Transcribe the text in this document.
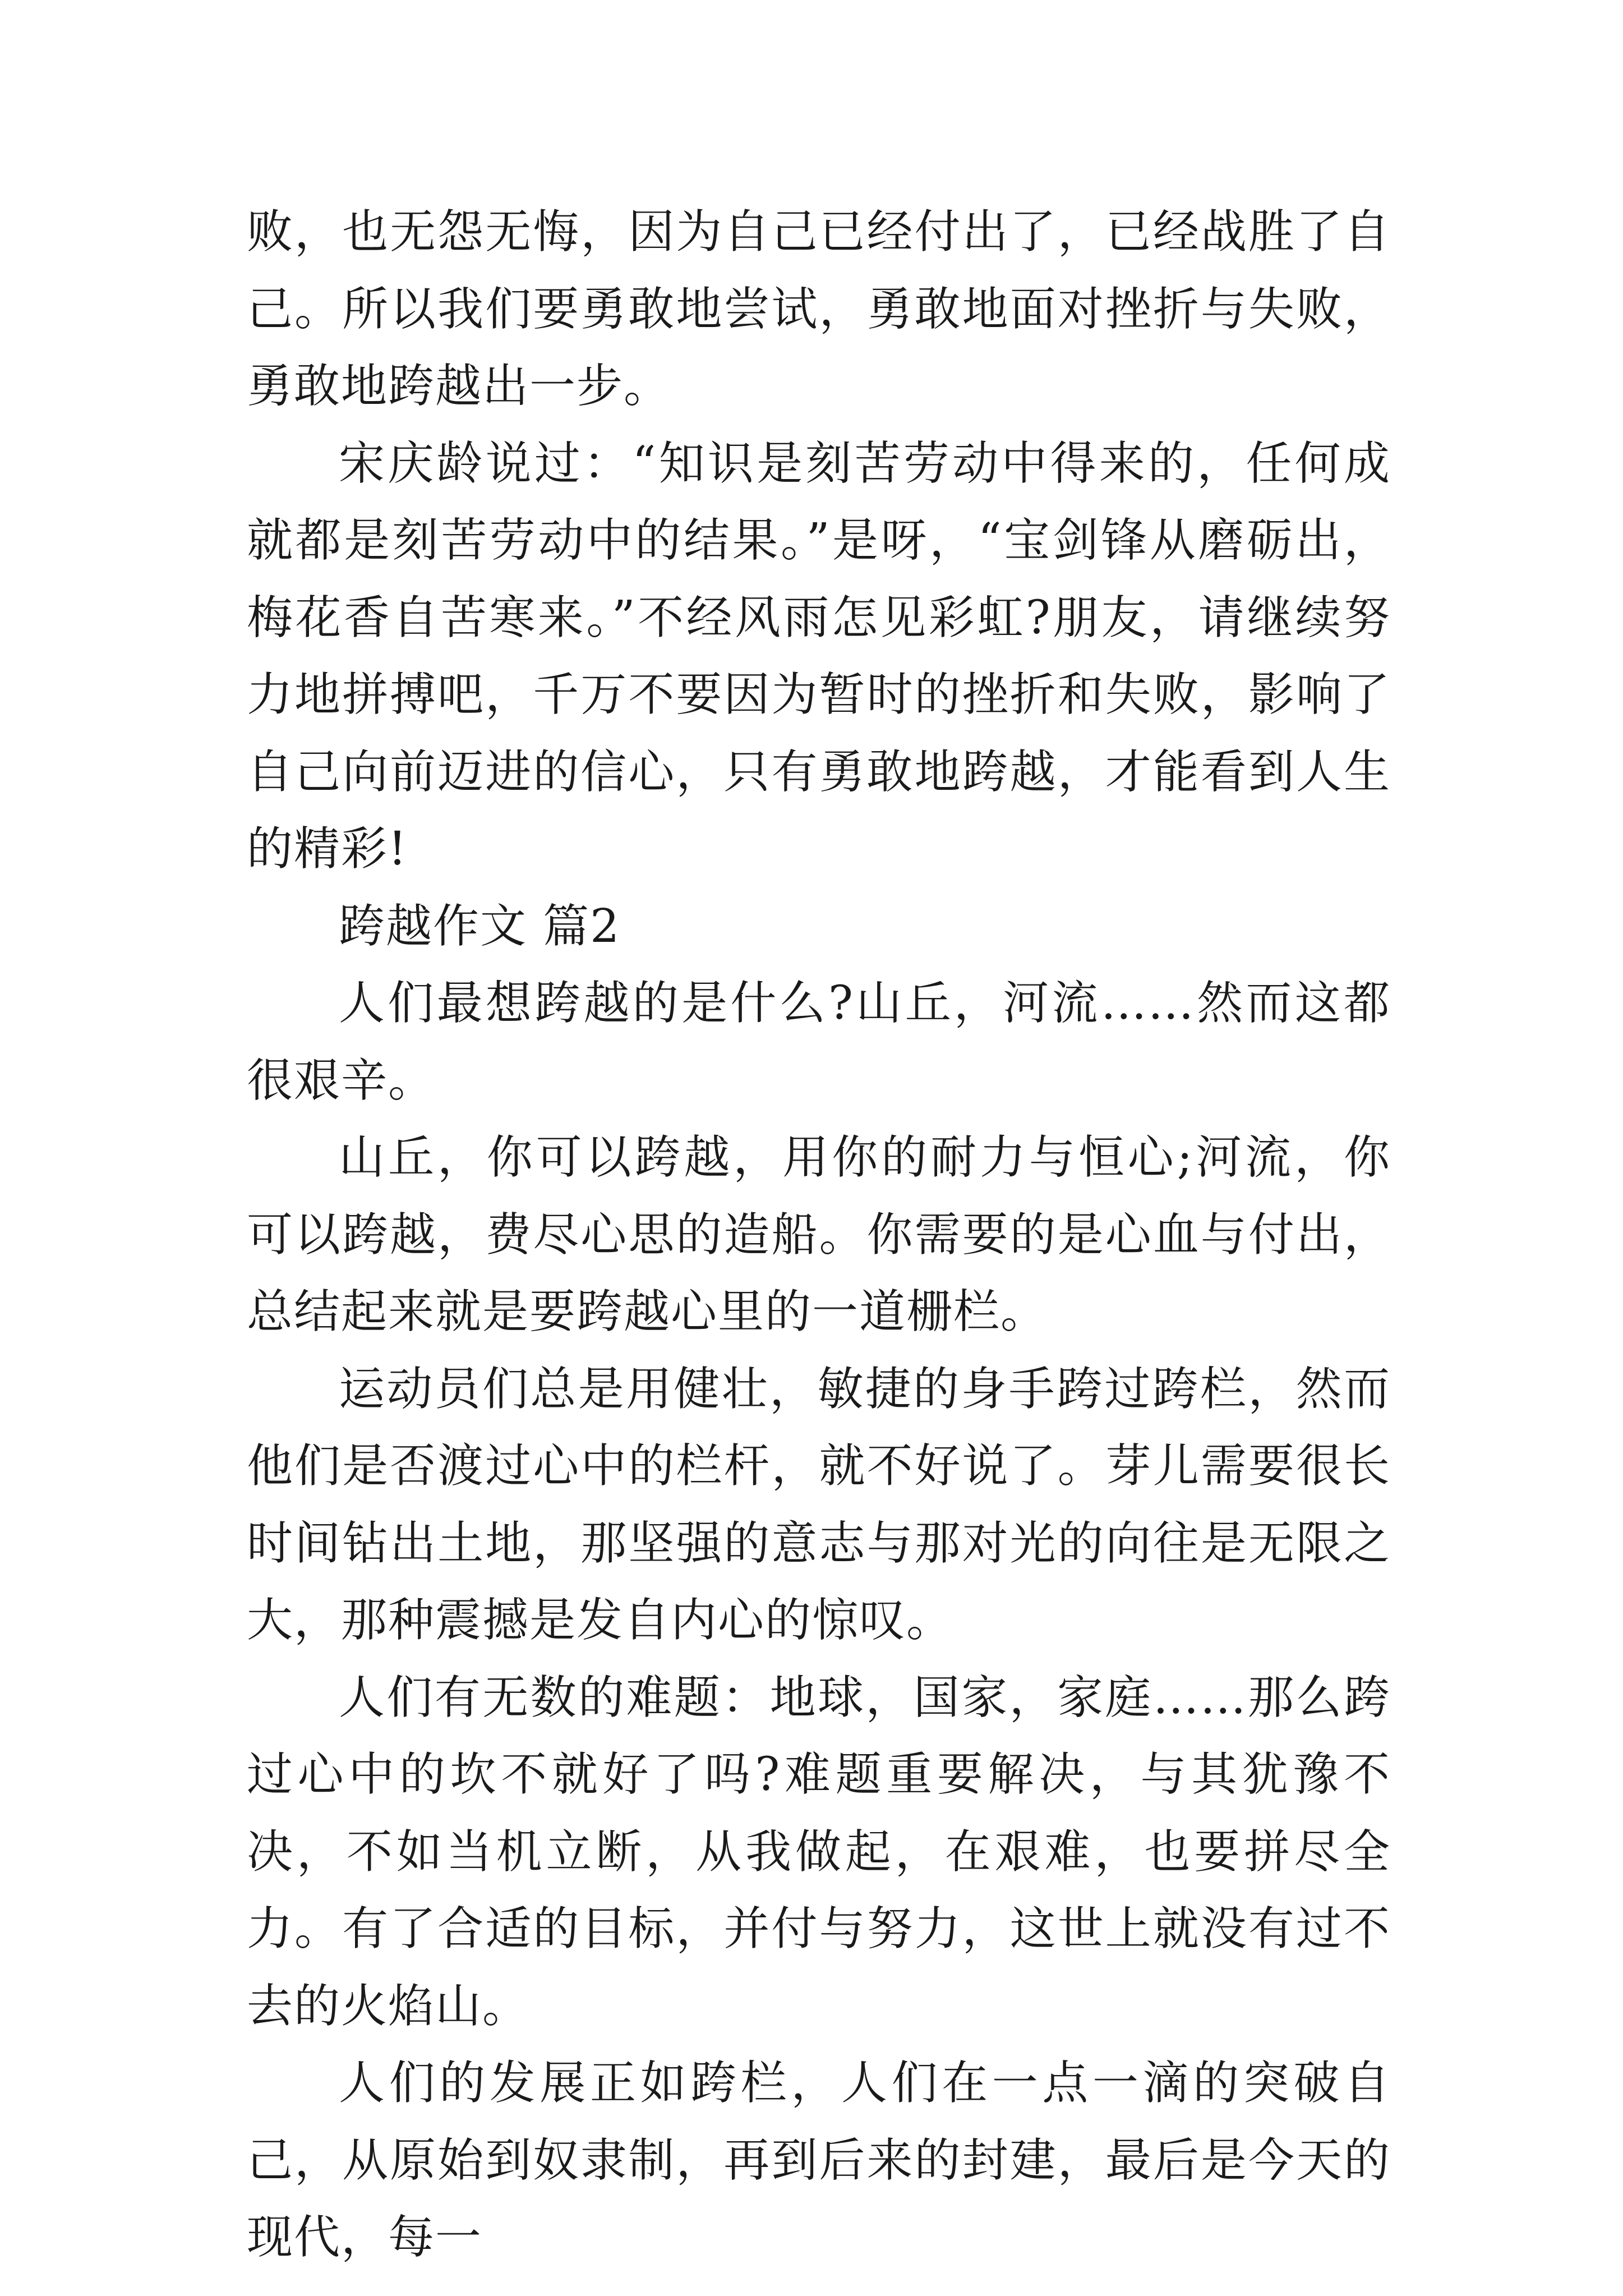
败，也无怨无悔，因为自己已经付出了，已经战胜了自己。所以我们要勇敢地尝试，勇敢地面对挫折与失败，勇敢地跨越出一步。

宋庆龄说过：“知识是刻苦劳动中得来的，任何成就都是刻苦劳动中的结果。”是呀，“宝剑锋从磨砺出，梅花香自苦寒来。”不经风雨怎见彩虹?朋友，请继续努力地拼搏吧，千万不要因为暂时的挫折和失败，影响了自己向前迈进的信心，只有勇敢地跨越，才能看到人生的精彩!

跨越作文 篇2

人们最想跨越的是什么?山丘，河流……然而这都很艰辛。

山丘，你可以跨越，用你的耐力与恒心;河流，你可以跨越，费尽心思的造船。你需要的是心血与付出，总结起来就是要跨越心里的一道栅栏。

运动员们总是用健壮，敏捷的身手跨过跨栏，然而他们是否渡过心中的栏杆，就不好说了。芽儿需要很长时间钻出土地，那坚强的意志与那对光的向往是无限之大，那种震撼是发自内心的惊叹。

人们有无数的难题：地球，国家，家庭……那么跨过心中的坎不就好了吗?难题重要解决，与其犹豫不决，不如当机立断，从我做起，在艰难，也要拼尽全力。有了合适的目标，并付与努力，这世上就没有过不去的火焰山。

人们的发展正如跨栏，人们在一点一滴的突破自己，从原始到奴隶制，再到后来的封建，最后是今天的现代，每一
